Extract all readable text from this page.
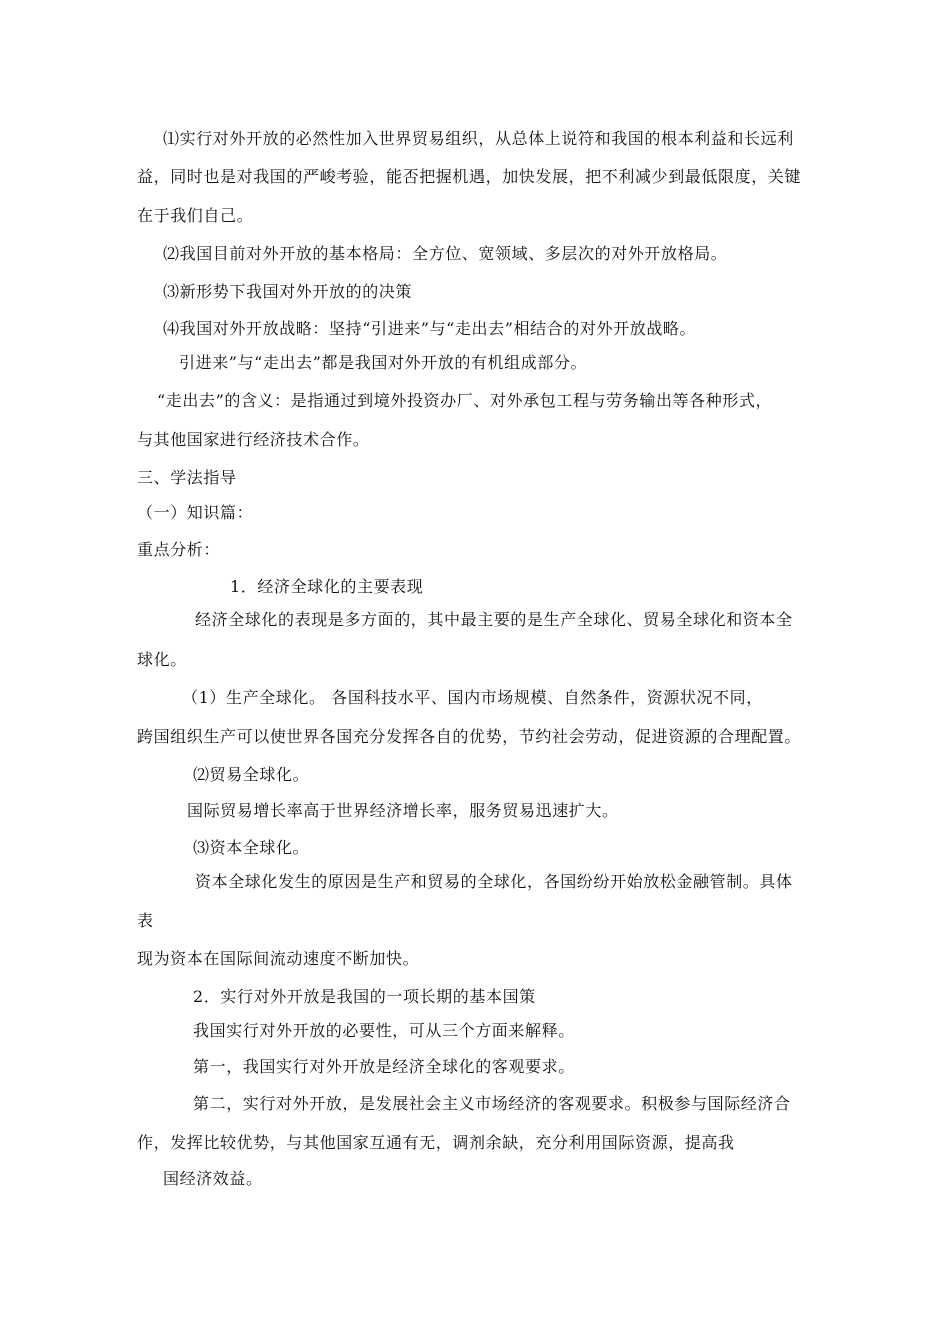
⑴实行对外开放的必然性加入世界贸易组织，从总体上说符和我国的根本利益和长远利
益，同时也是对我国的严峻考验，能否把握机遇，加快发展，把不利减少到最低限度，关键
在于我们自己。
⑵我国目前对外开放的基本格局：全方位、宽领域、多层次的对外开放格局。
⑶新形势下我国对外开放的的决策
⑷我国对外开放战略：坚持“引进来”与“走出去”相结合的对外开放战略。
引进来”与“走出去”都是我国对外开放的有机组成部分。
“走出去”的含义：是指通过到境外投资办厂、对外承包工程与劳务输出等各种形式，
与其他国家进行经济技术合作。
三、学法指导
（一）知识篇：
重点分析：
1．经济全球化的主要表现
经济全球化的表现是多方面的，其中最主要的是生产全球化、贸易全球化和资本全
球化。
（1）生产全球化。 各国科技水平、国内市场规模、自然条件，资源状况不同，
跨国组织生产可以使世界各国充分发挥各自的优势，节约社会劳动，促进资源的合理配置。
⑵贸易全球化。
国际贸易增长率高于世界经济增长率，服务贸易迅速扩大。
⑶资本全球化。
资本全球化发生的原因是生产和贸易的全球化，各国纷纷开始放松金融管制。具体
表
现为资本在国际间流动速度不断加快。
2．实行对外开放是我国的一项长期的基本国策
我国实行对外开放的必要性，可从三个方面来解释。
第一，我国实行对外开放是经济全球化的客观要求。
第二，实行对外开放，是发展社会主义市场经济的客观要求。积极参与国际经济合
作，发挥比较优势，与其他国家互通有无，调剂余缺，充分利用国际资源，提高我
国经济效益。
